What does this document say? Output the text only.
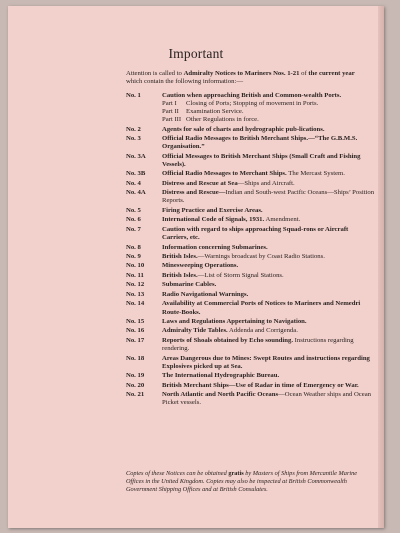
Important
Attention is called to Admiralty Notices to Mariners Nos. 1-21 of the current year which contain the following information:—
No. 1	Caution when approaching British and Common-wealth Ports.
Part I	Closing of Ports; Stopping of movement in Ports.
Part II	Examination Service.
Part III Other Regulations in force.
No. 2	Agents for sale of charts and hydrographic pub-lications.
No. 3	Official Radio Messages to British Merchant Ships.—“The G.B.M.S. Organisation.”
No. 3A	Official Messages to British Merchant Ships (Small Craft and Fishing Vessels).
No. 3B	Official Radio Messages to Merchant Ships. The Mercast System.
No. 4	Distress and Rescue at Sea—Ships and Aircraft.
No. 4A	Distress and Rescue—Indian and South-west Pacific Oceans—Ships’ Position Reports.
No. 5	Firing Practice and Exercise Areas.
No. 6	International Code of Signals, 1931. Amendment.
No. 7	Caution with regard to ships approaching Squad-rons or Aircraft Carriers, etc.
No. 8	Information concerning Submarines.
No. 9	British Isles.—Warnings broadcast by Coast Radio Stations.
No. 10	Minesweeping Operations.
No. 11	British Isles.—List of Storm Signal Stations.
No. 12	Submarine Cables.
No. 13	Radio Navigational Warnings.
No. 14	Availability at Commercial Ports of Notices to Mariners and Nemedri Route-Books.
No. 15	Laws and Regulations Appertaining to Navigation.
No. 16	Admiralty Tide Tables. Addenda and Corrigenda.
No. 17	Reports of Shoals obtained by Echo sounding. Instructions regarding rendering.
No. 18	Areas Dangerous due to Mines: Swept Routes and instructions regarding Explosives picked up at Sea.
No. 19	The International Hydrographic Bureau.
No. 20	British Merchant Ships—Use of Radar in time of Emergency or War.
No. 21	North Atlantic and North Pacific Oceans—Ocean Weather ships and Ocean Picket vessels.
Copies of these Notices can be obtained gratis by Masters of Ships from Mercantile Marine Offices in the United Kingdom. Copies may also be inspected at British Commonwealth Government Shipping Offices and at British Consulates.
